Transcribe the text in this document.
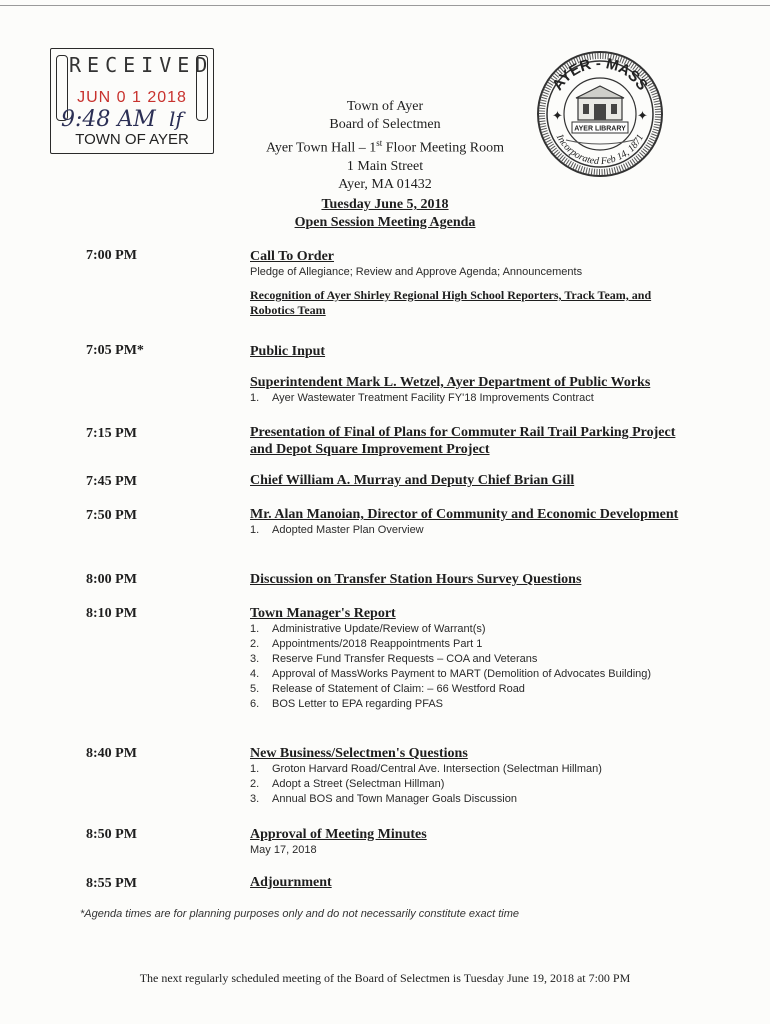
RECEIVED
JUN 0 1 2018
9:48 AM lf
TOWN OF AYER
AYER - MASS
Incorporated Feb 14, 1871
✦	✦
AYER LIBRARY
Town of Ayer
Board of Selectmen
Ayer Town Hall – 1st Floor Meeting Room
1 Main Street
Ayer, MA 01432
Tuesday June 5, 2018
Open Session Meeting Agenda
7:00 PM	Call To Order
Pledge of Allegiance; Review and Approve Agenda; Announcements
Recognition of Ayer Shirley Regional High School Reporters, Track Team, and Robotics Team
7:05 PM*	Public Input
Superintendent Mark L. Wetzel, Ayer Department of Public Works
1. Ayer Wastewater Treatment Facility FY'18 Improvements Contract
7:15 PM	Presentation of Final of Plans for Commuter Rail Trail Parking Project and Depot Square Improvement Project
7:45 PM	Chief William A. Murray and Deputy Chief Brian Gill
7:50 PM	Mr. Alan Manoian, Director of Community and Economic Development
1. Adopted Master Plan Overview
8:00 PM	Discussion on Transfer Station Hours Survey Questions
8:10 PM	Town Manager's Report
1. Administrative Update/Review of Warrant(s)
2. Appointments/2018 Reappointments Part 1
3. Reserve Fund Transfer Requests – COA and Veterans
4. Approval of MassWorks Payment to MART (Demolition of Advocates Building)
5. Release of Statement of Claim: – 66 Westford Road
6. BOS Letter to EPA regarding PFAS
8:40 PM	New Business/Selectmen's Questions
1. Groton Harvard Road/Central Ave. Intersection (Selectman Hillman)
2. Adopt a Street (Selectman Hillman)
3. Annual BOS and Town Manager Goals Discussion
8:50 PM	Approval of Meeting Minutes
May 17, 2018
8:55 PM	Adjournment
*Agenda times are for planning purposes only and do not necessarily constitute exact time
The next regularly scheduled meeting of the Board of Selectmen is Tuesday June 19, 2018 at 7:00 PM
